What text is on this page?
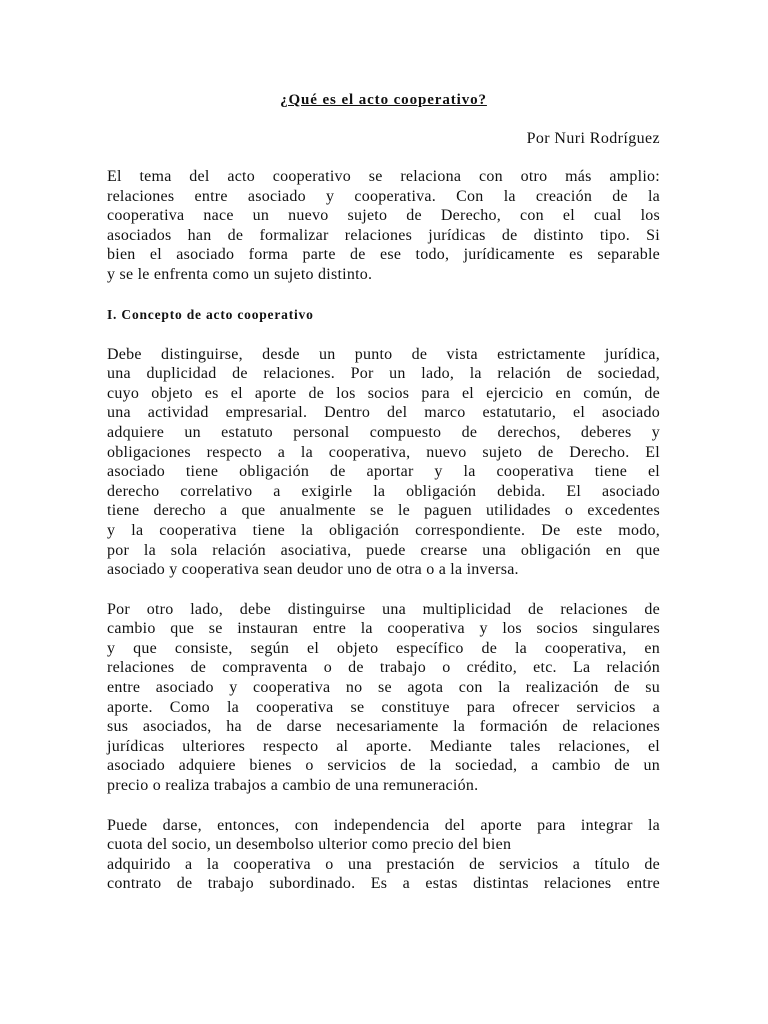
¿Qué es el acto cooperativo?
Por Nuri Rodríguez
El tema del acto cooperativo se relaciona con otro más amplio:
relaciones entre asociado y cooperativa. Con la creación de la
cooperativa nace un nuevo sujeto de Derecho, con el cual los
asociados han de formalizar relaciones jurídicas de distinto tipo. Si
bien el asociado forma parte de ese todo, jurídicamente es separable
y se le enfrenta como un sujeto distinto.
I. Concepto de acto cooperativo
Debe distinguirse, desde un punto de vista estrictamente jurídica,
una duplicidad de relaciones. Por un lado, la relación de sociedad,
cuyo objeto es el aporte de los socios para el ejercicio en común, de
una actividad empresarial. Dentro del marco estatutario, el asociado
adquiere un estatuto personal compuesto de derechos, deberes y
obligaciones respecto a la cooperativa, nuevo sujeto de Derecho. El
asociado tiene obligación de aportar y la cooperativa tiene el
derecho correlativo a exigirle la obligación debida. El asociado
tiene derecho a que anualmente se le paguen utilidades o excedentes
y la cooperativa tiene la obligación correspondiente. De este modo,
por la sola relación asociativa, puede crearse una obligación en que
asociado y cooperativa sean deudor uno de otra o a la inversa.
Por otro lado, debe distinguirse una multiplicidad de relaciones de
cambio que se instauran entre la cooperativa y los socios singulares
y que consiste, según el objeto específico de la cooperativa, en
relaciones de compraventa o de trabajo o crédito, etc. La relación
entre asociado y cooperativa no se agota con la realización de su
aporte. Como la cooperativa se constituye para ofrecer servicios a
sus asociados, ha de darse necesariamente la formación de relaciones
jurídicas ulteriores respecto al aporte. Mediante tales relaciones, el
asociado adquiere bienes o servicios de la sociedad, a cambio de un
precio o realiza trabajos a cambio de una remuneración.
Puede darse, entonces, con independencia del aporte para integrar la
cuota del socio, un desembolso ulterior como precio del bien
adquirido a la cooperativa o una prestación de servicios a título de
contrato de trabajo subordinado. Es a estas distintas relaciones entre
